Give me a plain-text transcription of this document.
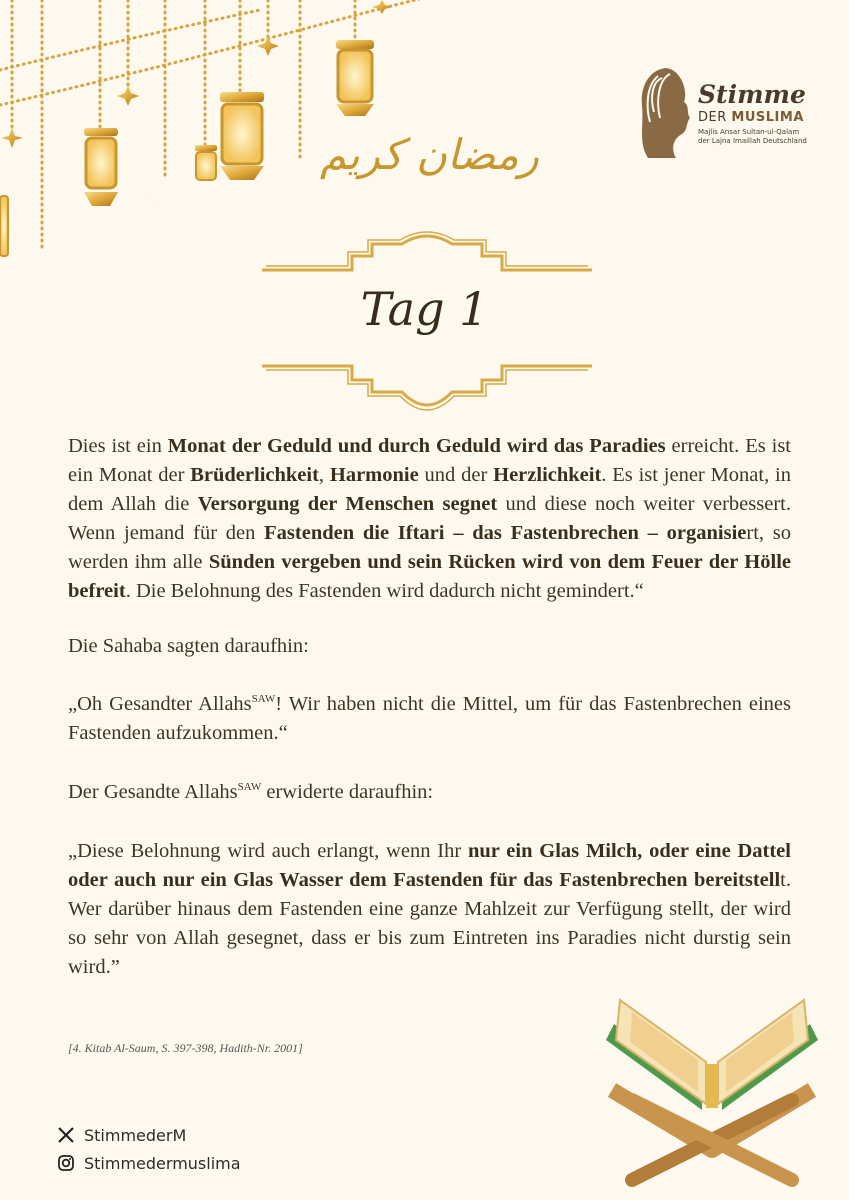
Stimme
DER MUSLIMA
Majlis Ansar Sultan-ul-Qalam
der Lajna Imaillah Deutschland
رمضان كريم
Tag 1
Dies ist ein Monat der Geduld und durch Geduld wird das Paradies erreicht. Es ist ein Monat der Brüderlichkeit, Harmonie und der Herzlichkeit. Es ist jener Monat, in dem Allah die Versorgung der Menschen segnet und diese noch weiter verbessert. Wenn jemand für den Fastenden die Iftari – das Fastenbrechen – organisiert, so werden ihm alle Sünden vergeben und sein Rücken wird von dem Feuer der Hölle befreit. Die Belohnung des Fastenden wird dadurch nicht gemindert.“
Die Sahaba sagten daraufhin:
„Oh Gesandter Allahs$^{SAW}$! Wir haben nicht die Mittel, um für das Fastenbrechen eines Fastenden aufzukommen.“
Der Gesandte Allahs$^{SAW}$ erwiderte daraufhin:
„Diese Belohnung wird auch erlangt, wenn Ihr nur ein Glas Milch, oder eine Dattel oder auch nur ein Glas Wasser dem Fastenden für das Fastenbrechen bereitstellt. Wer darüber hinaus dem Fastenden eine ganze Mahlzeit zur Verfügung stellt, der wird so sehr von Allah gesegnet, dass er bis zum Eintreten ins Paradies nicht durstig sein wird.”
[4. Kitab Al-Saum, S. 397-398, Hadith-Nr. 2001]
StimmederM
Stimmedermuslima
